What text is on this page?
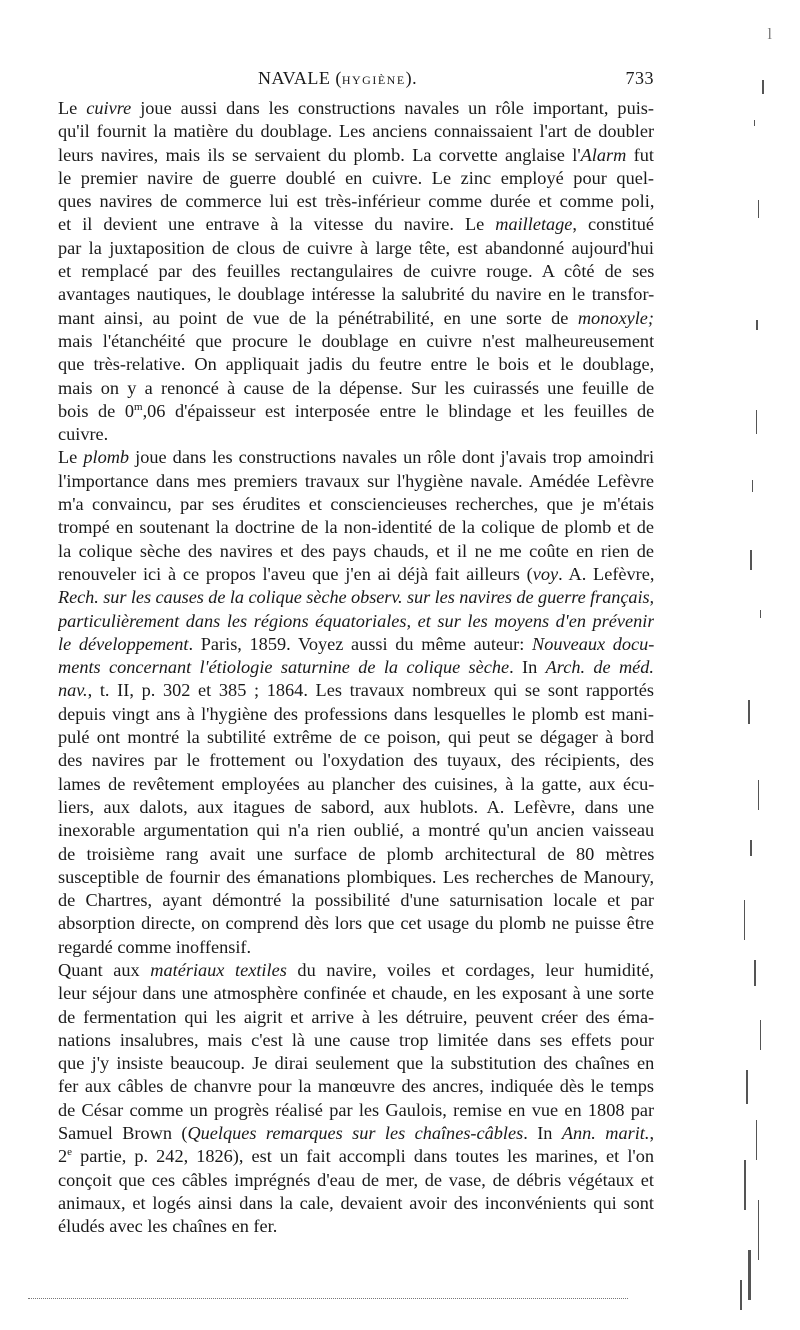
l
NAVALE (HYGIÈNE).	733
Le cuivre joue aussi dans les constructions navales un rôle important, puis-
qu'il fournit la matière du doublage. Les anciens connaissaient l'art de doubler
leurs navires, mais ils se servaient du plomb. La corvette anglaise l'Alarm fut
le premier navire de guerre doublé en cuivre. Le zinc employé pour quel-
ques navires de commerce lui est très-inférieur comme durée et comme poli,
et il devient une entrave à la vitesse du navire. Le mailletage, constitué
par la juxtaposition de clous de cuivre à large tête, est abandonné aujourd'hui
et remplacé par des feuilles rectangulaires de cuivre rouge. A côté de ses
avantages nautiques, le doublage intéresse la salubrité du navire en le transfor-
mant ainsi, au point de vue de la pénétrabilité, en une sorte de monoxyle;
mais l'étanchéité que procure le doublage en cuivre n'est malheureusement
que très-relative. On appliquait jadis du feutre entre le bois et le doublage,
mais on y a renoncé à cause de la dépense. Sur les cuirassés une feuille de
bois de 0$^m$,06 d'épaisseur est interposée entre le blindage et les feuilles de
cuivre.
Le plomb joue dans les constructions navales un rôle dont j'avais trop amoindri
l'importance dans mes premiers travaux sur l'hygiène navale. Amédée Lefèvre
m'a convaincu, par ses érudites et consciencieuses recherches, que je m'étais
trompé en soutenant la doctrine de la non-identité de la colique de plomb et de
la colique sèche des navires et des pays chauds, et il ne me coûte en rien de
renouveler ici à ce propos l'aveu que j'en ai déjà fait ailleurs (voy. A. Lefèvre,
Rech. sur les causes de la colique sèche observ. sur les navires de guerre français,
particulièrement dans les régions équatoriales, et sur les moyens d'en prévenir
le développement. Paris, 1859. Voyez aussi du même auteur: Nouveaux docu-
ments concernant l'étiologie saturnine de la colique sèche. In Arch. de méd.
nav., t. II, p. 302 et 385 ; 1864. Les travaux nombreux qui se sont rapportés
depuis vingt ans à l'hygiène des professions dans lesquelles le plomb est mani-
pulé ont montré la subtilité extrême de ce poison, qui peut se dégager à bord
des navires par le frottement ou l'oxydation des tuyaux, des récipients, des
lames de revêtement employées au plancher des cuisines, à la gatte, aux écu-
liers, aux dalots, aux itagues de sabord, aux hublots. A. Lefèvre, dans une
inexorable argumentation qui n'a rien oublié, a montré qu'un ancien vaisseau
de troisième rang avait une surface de plomb architectural de 80 mètres
susceptible de fournir des émanations plombiques. Les recherches de Manoury,
de Chartres, ayant démontré la possibilité d'une saturnisation locale et par
absorption directe, on comprend dès lors que cet usage du plomb ne puisse être
regardé comme inoffensif.
Quant aux matériaux textiles du navire, voiles et cordages, leur humidité,
leur séjour dans une atmosphère confinée et chaude, en les exposant à une sorte
de fermentation qui les aigrit et arrive à les détruire, peuvent créer des éma-
nations insalubres, mais c'est là une cause trop limitée dans ses effets pour
que j'y insiste beaucoup. Je dirai seulement que la substitution des chaînes en
fer aux câbles de chanvre pour la manœuvre des ancres, indiquée dès le temps
de César comme un progrès réalisé par les Gaulois, remise en vue en 1808 par
Samuel Brown (Quelques remarques sur les chaînes-câbles. In Ann. marit.,
2e partie, p. 242, 1826), est un fait accompli dans toutes les marines, et l'on
conçoit que ces câbles imprégnés d'eau de mer, de vase, de débris végétaux et
animaux, et logés ainsi dans la cale, devaient avoir des inconvénients qui sont
éludés avec les chaînes en fer.
